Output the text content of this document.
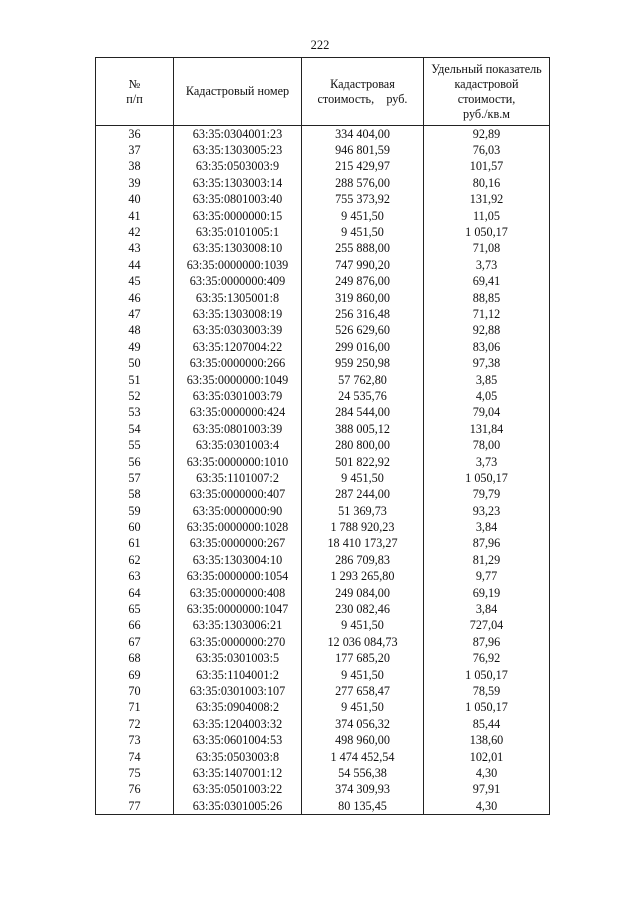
222
№
п/п	Кадастровый номер	Кадастровая
стоимость,    руб.	Удельный показатель
кадастровой
стоимости,
руб./кв.м
36	63:35:0304001:23	334 404,00	92,89
37	63:35:1303005:23	946 801,59	76,03
38	63:35:0503003:9	215 429,97	101,57
39	63:35:1303003:14	288 576,00	80,16
40	63:35:0801003:40	755 373,92	131,92
41	63:35:0000000:15	9 451,50	11,05
42	63:35:0101005:1	9 451,50	1 050,17
43	63:35:1303008:10	255 888,00	71,08
44	63:35:0000000:1039	747 990,20	3,73
45	63:35:0000000:409	249 876,00	69,41
46	63:35:1305001:8	319 860,00	88,85
47	63:35:1303008:19	256 316,48	71,12
48	63:35:0303003:39	526 629,60	92,88
49	63:35:1207004:22	299 016,00	83,06
50	63:35:0000000:266	959 250,98	97,38
51	63:35:0000000:1049	57 762,80	3,85
52	63:35:0301003:79	24 535,76	4,05
53	63:35:0000000:424	284 544,00	79,04
54	63:35:0801003:39	388 005,12	131,84
55	63:35:0301003:4	280 800,00	78,00
56	63:35:0000000:1010	501 822,92	3,73
57	63:35:1101007:2	9 451,50	1 050,17
58	63:35:0000000:407	287 244,00	79,79
59	63:35:0000000:90	51 369,73	93,23
60	63:35:0000000:1028	1 788 920,23	3,84
61	63:35:0000000:267	18 410 173,27	87,96
62	63:35:1303004:10	286 709,83	81,29
63	63:35:0000000:1054	1 293 265,80	9,77
64	63:35:0000000:408	249 084,00	69,19
65	63:35:0000000:1047	230 082,46	3,84
66	63:35:1303006:21	9 451,50	727,04
67	63:35:0000000:270	12 036 084,73	87,96
68	63:35:0301003:5	177 685,20	76,92
69	63:35:1104001:2	9 451,50	1 050,17
70	63:35:0301003:107	277 658,47	78,59
71	63:35:0904008:2	9 451,50	1 050,17
72	63:35:1204003:32	374 056,32	85,44
73	63:35:0601004:53	498 960,00	138,60
74	63:35:0503003:8	1 474 452,54	102,01
75	63:35:1407001:12	54 556,38	4,30
76	63:35:0501003:22	374 309,93	97,91
77	63:35:0301005:26	80 135,45	4,30
